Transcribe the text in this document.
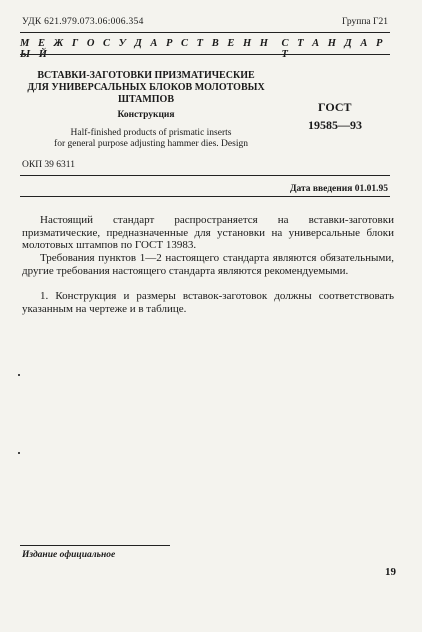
УДК 621.979.073.06:006.354	Группа Г21
М Е Ж Г О С У Д А Р С Т В Е Н Н Ы Й
С Т А Н Д А Р Т
ВСТАВКИ-ЗАГОТОВКИ ПРИЗМАТИЧЕСКИЕ
ДЛЯ УНИВЕРСАЛЬНЫХ БЛОКОВ МОЛОТОВЫХ
ШТАМПОВ
Конструкция
Half-finished products of prismatic inserts
for general purpose adjusting hammer dies. Design
ГОСТ
19585—93
ОКП 39 6311
Дата введения 01.01.95
Настоящий стандарт распространяется на вставки-заготовки призматические, предназначенные для установки на универсальные блоки молотовых штампов по ГОСТ 13983.
Требования пунктов 1—2 настоящего стандарта являются обязательными, другие требования настоящего стандарта являются рекомендуемыми.
1. Конструкция и размеры вставок-заготовок должны соответствовать указанным на чертеже и в таблице.
Издание официальное
19
